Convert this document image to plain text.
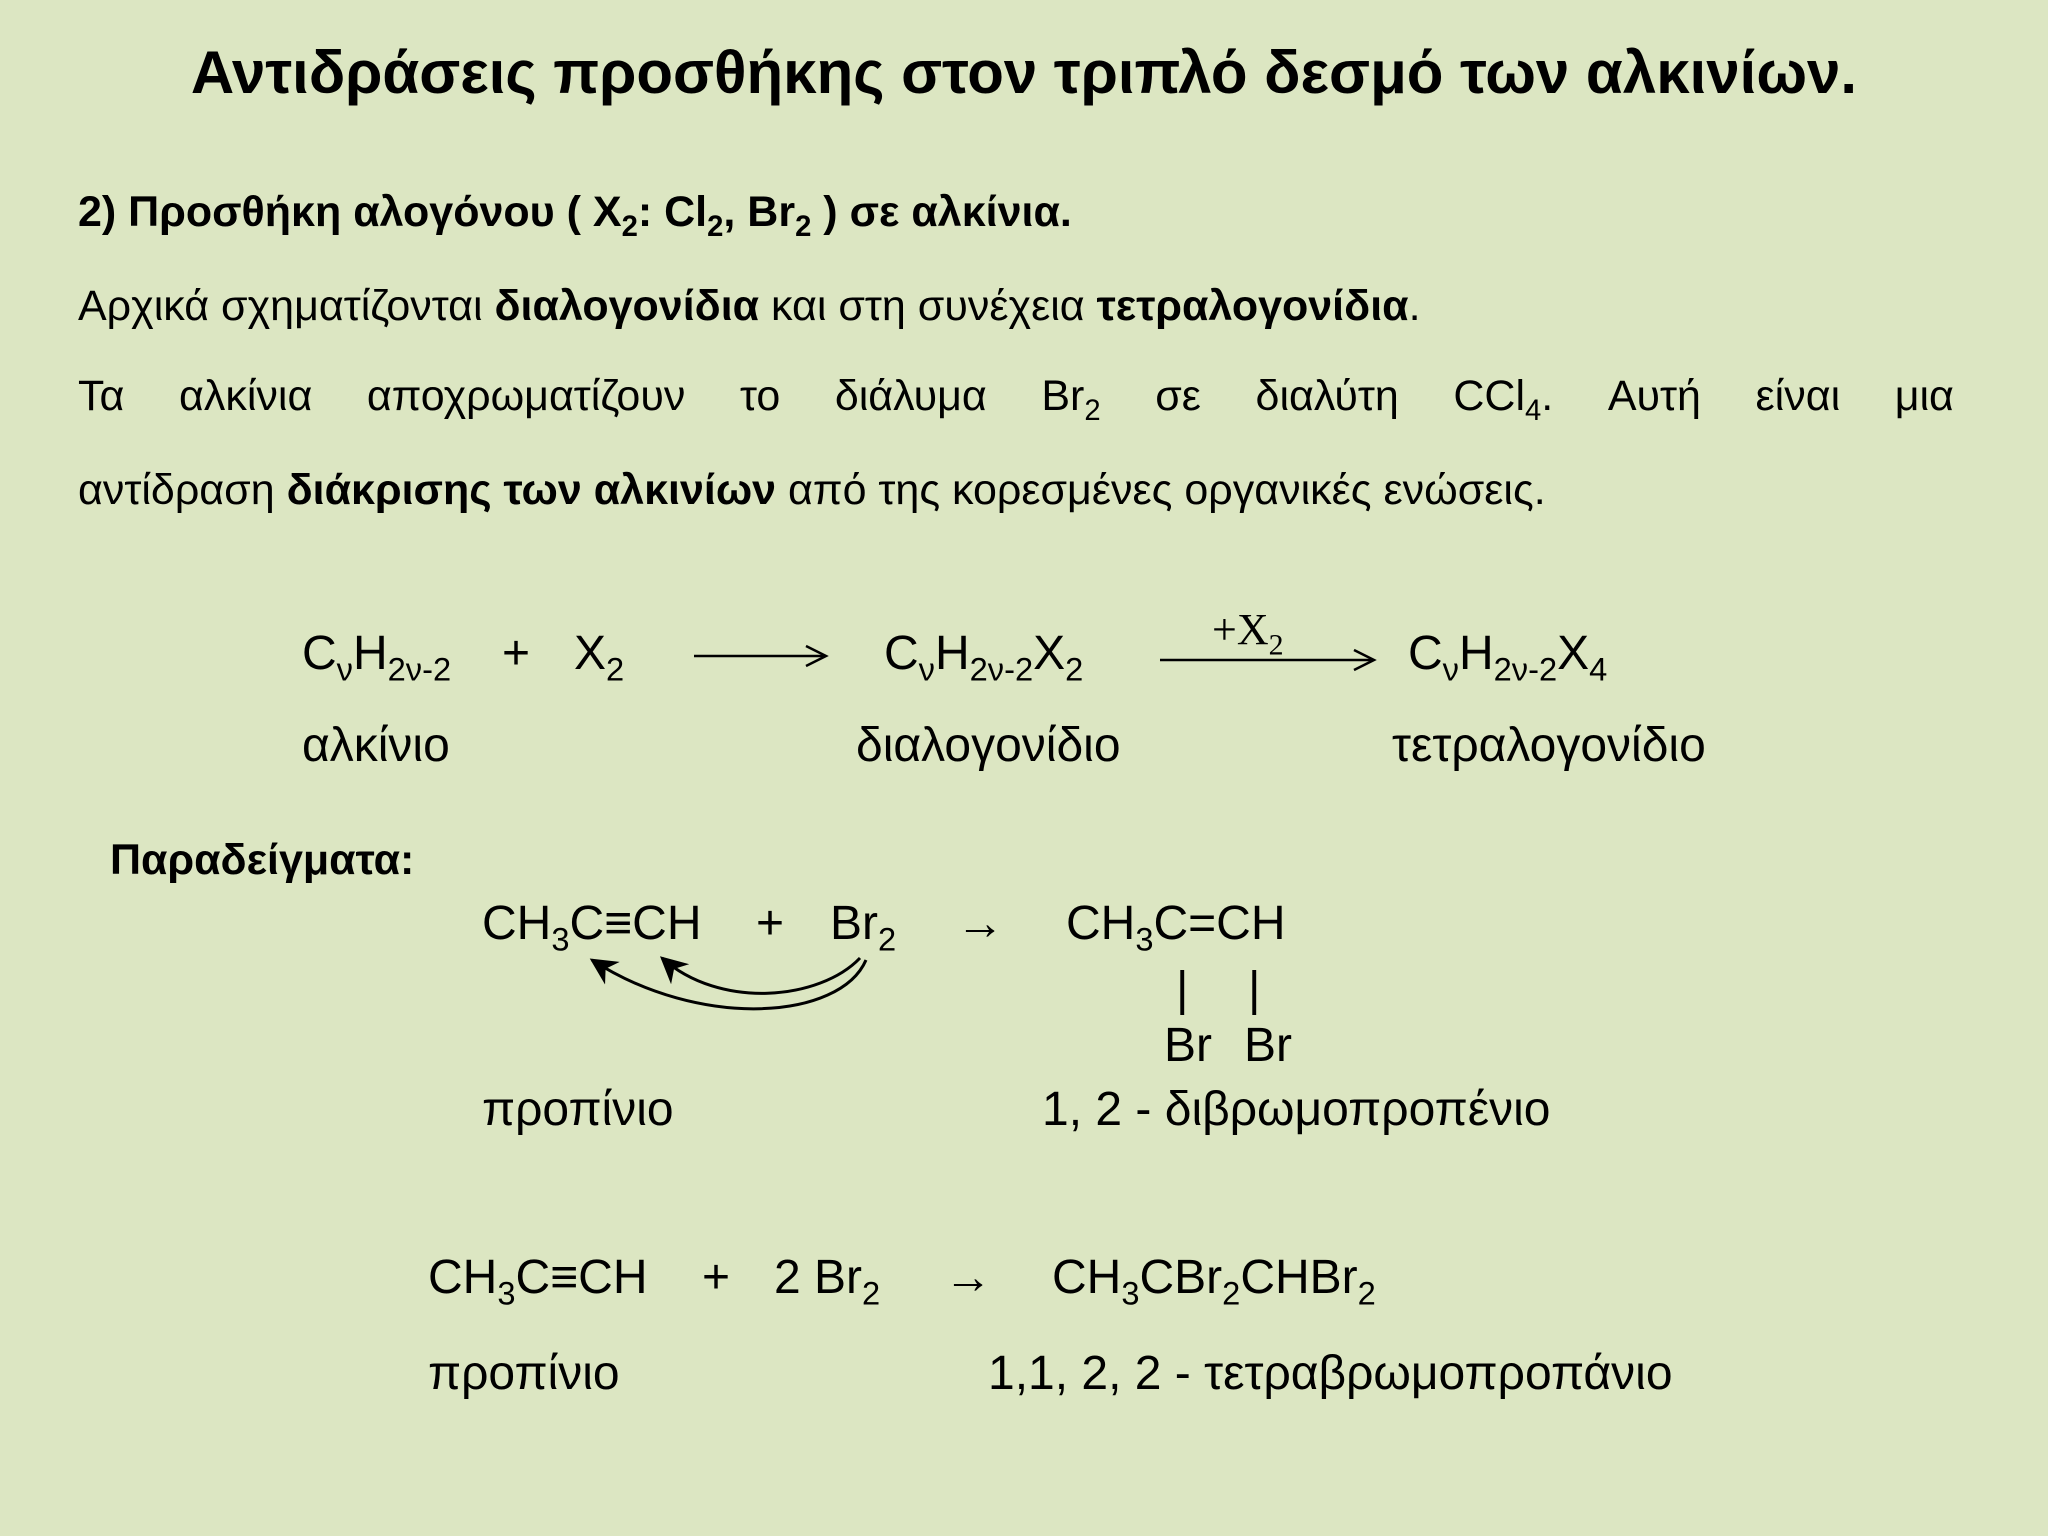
Αντιδράσεις προσθήκης στον τριπλό δεσμό των αλκινίων.
2) Προσθήκη αλογόνου ( $X_2$: $Cl_2$, $Br_2$ ) σε αλκίνια.
Αρχικά σχηματίζονται διαλογονίδια και στη συνέχεια τετραλογονίδια.
Τα αλκίνια αποχρωματίζουν το διάλυμα $Br_2$ σε διαλύτη CCl$_4$. Αυτή είναι μια
αντίδραση διάκρισης των αλκινίων από της κορεσμένες οργανικές ενώσεις.
$C_\nu H_{2\nu-2} + X_2$	$C_\nu H_{2\nu-2}X_2$
$+X_2$	$C_\nu H_{2\nu-2}X_4$
αλκίνιο	διαλογονίδιο	τετραλογονίδιο
Παραδείγματα:
$CH_3C\equiv CH + Br_2 \to CH_3C=CH$
| |
Br Br
προπίνιο	1, 2 - διβρωμοπροπένιο
$CH_3C\equiv CH + 2$ $Br_2$ → $CH_3CBr_2CHBr_2$
προπίνιο	1,1, 2, 2 - τετραβρωμοπροπάνιο
